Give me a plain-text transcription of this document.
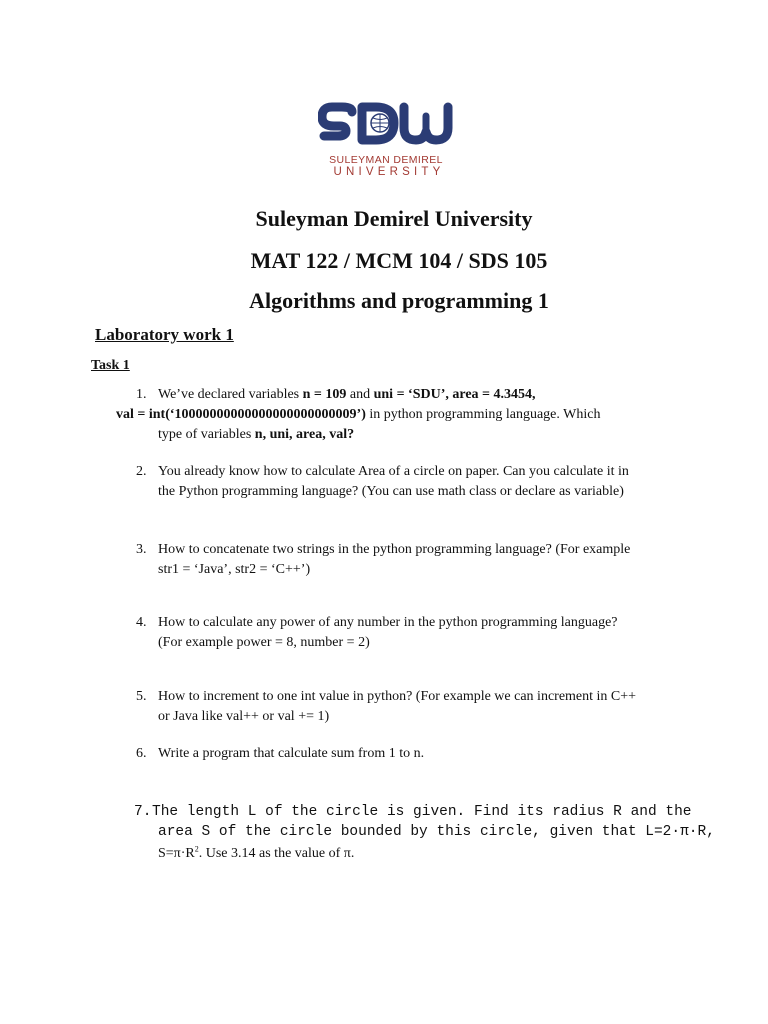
SULEYMAN DEMIREL
UNIVERSITY
Suleyman Demirel University
MAT 122 / MCM 104 / SDS 105
Algorithms and programming 1
Laboratory work 1
Task 1
1. We’ve declared variables n = 109 and uni = ‘SDU’, area = 4.3454,
val = int(‘10000000000000000000000009’) in python programming language. Which
type of variables n, uni, area, val?
2. You already know how to calculate Area of a circle on paper. Can you calculate it in
the Python programming language? (You can use math class or declare as variable)
3. How to concatenate two strings in the python programming language? (For example
str1 = ‘Java’, str2 = ‘C++’)
4. How to calculate any power of any number in the python programming language?
(For example power = 8, number = 2)
5. How to increment to one int value in python? (For example we can increment in C++
or Java like val++ or val += 1)
6. Write a program that calculate sum from 1 to n.
7. The length L of the circle is given. Find its radius R and the
area S of the circle bounded by this circle, given that L=2·π·R,
$S=\pi\cdot R^2$. Use 3.14 as the value of π.
